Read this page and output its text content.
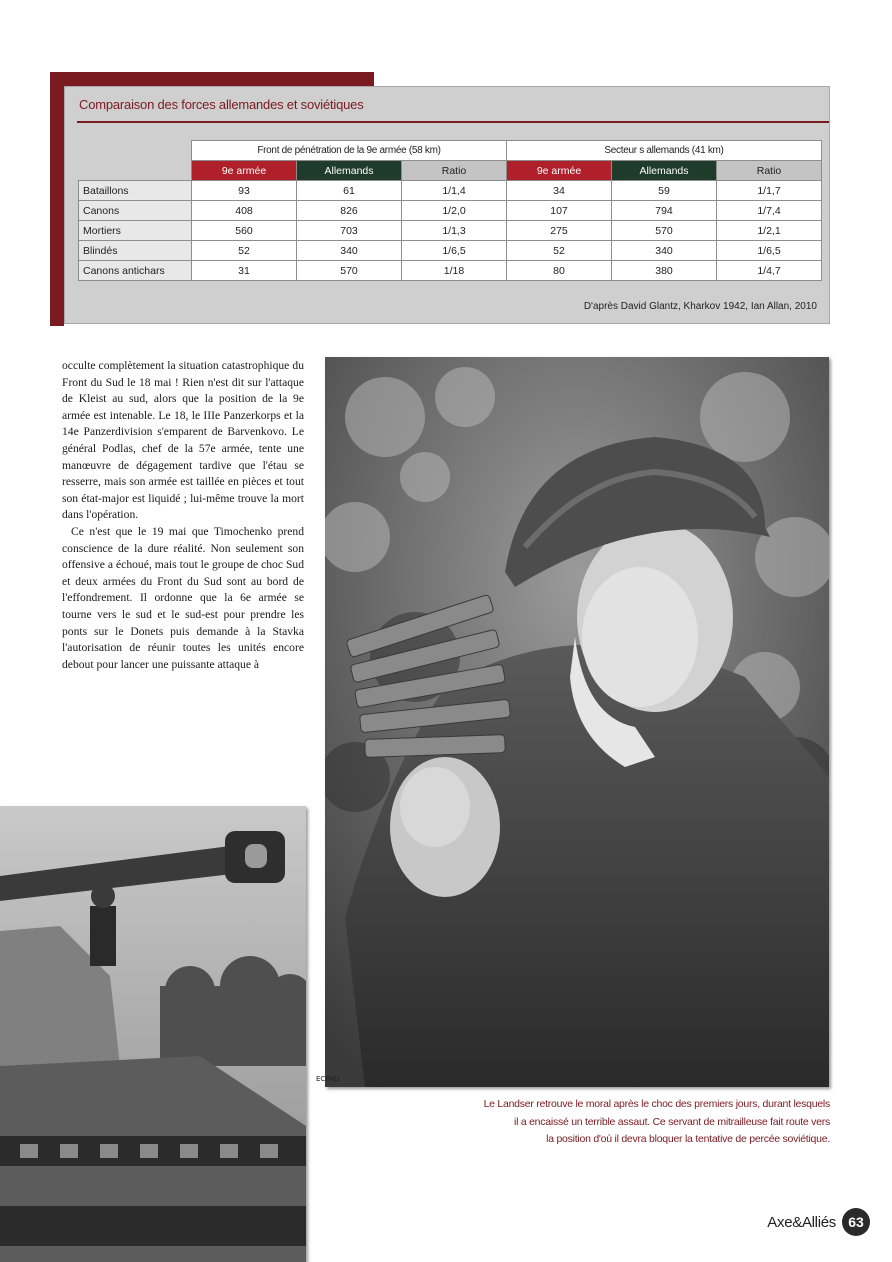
Comparaison des forces allemandes et soviétiques
	Front de pénétration de la 9e armée (58 km)			Secteur s allemands (41 km)		
	9e armée	Allemands	Ratio	9e armée	Allemands	Ratio
Bataillons	93	61	1/1,4	34	59	1/1,7
Canons	408	826	1/2,0	107	794	1/7,4
Mortiers	560	703	1/1,3	275	570	1/2,1
Blindés	52	340	1/6,5	52	340	1/6,5
Canons antichars	31	570	1/18	80	380	1/4,7
D'après David Glantz, Kharkov 1942, Ian Allan, 2010

occulte complètement la situation catastrophique du Front du Sud le 18 mai ! Rien n'est dit sur l'attaque de Kleist au sud, alors que la position de la 9e armée est intenable. Le 18, le IIIe Panzerkorps et la 14e Panzerdivision s'emparent de Barvenkovo. Le général Podlas, chef de la 57e armée, tente une manœuvre de dégagement tardive que l'étau se resserre, mais son armée est taillée en pièces et tout son état-major est liquidé ; lui-même trouve la mort dans l'opération.

Ce n'est que le 19 mai que Timochenko prend conscience de la dure réalité. Non seulement son offensive a échoué, mais tout le groupe de choc Sud et deux armées du Front du Sud sont au bord de l'effondrement. Il ordonne que la 6e armée se tourne vers le sud et le sud-est pour prendre les ponts sur le Donets puis demande à la Stavka l'autorisation de réunir toutes les unités encore debout pour lancer une puissante attaque à

ECPAD
Le Landser retrouve le moral après le choc des premiers jours, durant lesquels
il a encaissé un terrible assaut. Ce servant de mitrailleuse fait route vers
la position d'où il devra bloquer la tentative de percée soviétique.
Axe&Alliés 63
